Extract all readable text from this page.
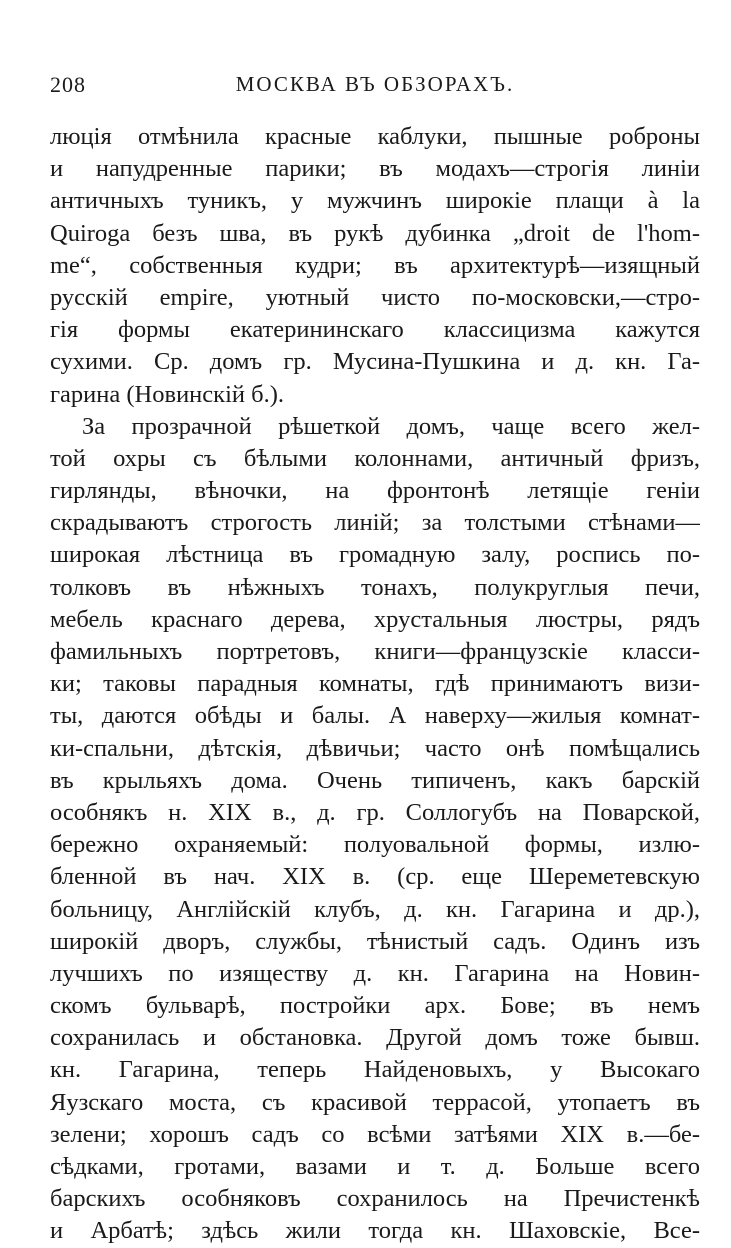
208	МОСКВА ВЪ ОБЗОРАХЪ.
люція отмѣнила красные каблуки, пышные роброны
и напудренные парики; въ модахъ—строгія линіи
античныхъ туникъ, у мужчинъ широкіе плащи à la
Quiroga безъ шва, въ рукѣ дубинка „droit de l'hom-
me“, собственныя кудри; въ архитектурѣ—изящный
русскій empire, уютный чисто по-московски,—стро-
гія формы екатерининскаго классицизма кажутся
сухими. Ср. домъ гр. Мусина-Пушкина и д. кн. Га-
гарина (Новинскій б.).
За прозрачной рѣшеткой домъ, чаще всего жел-
той охры съ бѣлыми колоннами, античный фризъ,
гирлянды, вѣночки, на фронтонѣ летящіе геніи
скрадываютъ строгость линій; за толстыми стѣнами—
широкая лѣстница въ громадную залу, роспись по-
толковъ въ нѣжныхъ тонахъ, полукруглыя печи,
мебель краснаго дерева, хрустальныя люстры, рядъ
фамильныхъ портретовъ, книги—французскіе класси-
ки; таковы парадныя комнаты, гдѣ принимаютъ визи-
ты, даются обѣды и балы. А наверху—жилыя комнат-
ки-спальни, дѣтскія, дѣвичьи; часто онѣ помѣщались
въ крыльяхъ дома. Очень типиченъ, какъ барскій
особнякъ н. XIX в., д. гр. Соллогубъ на Поварской,
бережно охраняемый: полуовальной формы, излю-
бленной въ нач. XIX в. (ср. еще Шереметевскую
больницу, Англійскій клубъ, д. кн. Гагарина и др.),
широкій дворъ, службы, тѣнистый садъ. Одинъ изъ
лучшихъ по изяществу д. кн. Гагарина на Новин-
скомъ бульварѣ, постройки арх. Бове; въ немъ
сохранилась и обстановка. Другой домъ тоже бывш.
кн. Гагарина, теперь Найденовыхъ, у Высокаго
Яузскаго моста, съ красивой террасой, утопаетъ въ
зелени; хорошъ садъ со всѣми затѣями XIX в.—бе-
сѣдками, гротами, вазами и т. д. Больше всего
барскихъ особняковъ сохранилось на Пречистенкѣ
и Арбатѣ; здѣсь жили тогда кн. Шаховскіе, Все-
